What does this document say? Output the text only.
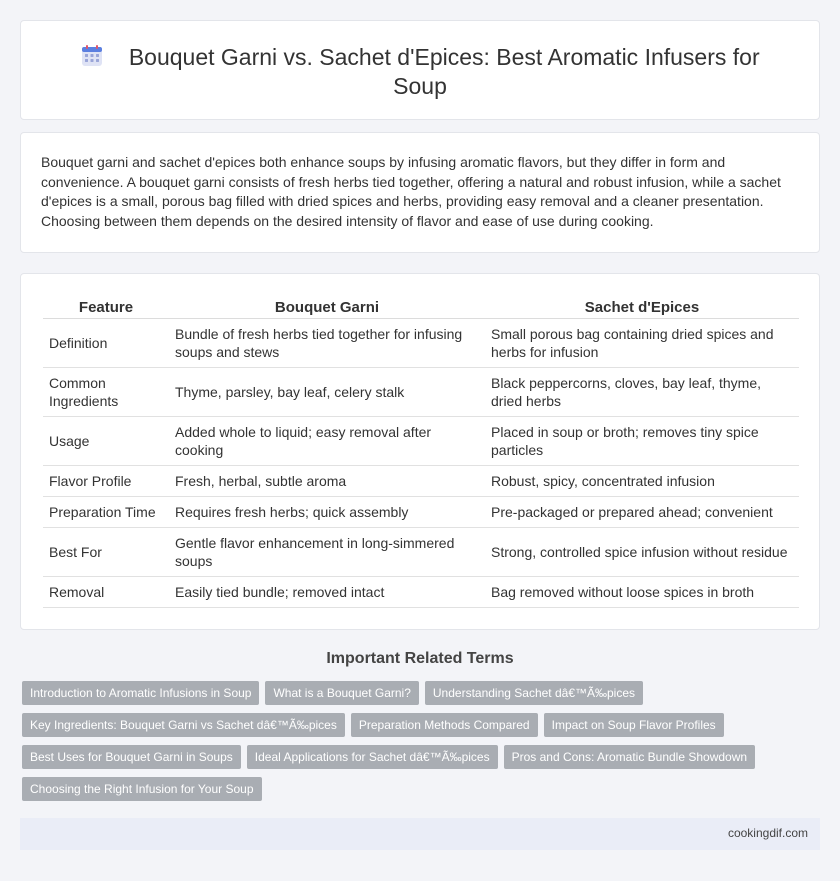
Bouquet Garni vs. Sachet d'Epices: Best Aromatic Infusers for Soup

Bouquet garni and sachet d'epices both enhance soups by infusing aromatic flavors, but they differ in form and convenience. A bouquet garni consists of fresh herbs tied together, offering a natural and robust infusion, while a sachet d'epices is a small, porous bag filled with dried spices and herbs, providing easy removal and a cleaner presentation. Choosing between them depends on the desired intensity of flavor and ease of use during cooking.

Feature	Bouquet Garni	Sachet d'Epices
Definition	Bundle of fresh herbs tied together for infusing soups and stews	Small porous bag containing dried spices and herbs for infusion
Common Ingredients	Thyme, parsley, bay leaf, celery stalk	Black peppercorns, cloves, bay leaf, thyme, dried herbs
Usage	Added whole to liquid; easy removal after cooking	Placed in soup or broth; removes tiny spice particles
Flavor Profile	Fresh, herbal, subtle aroma	Robust, spicy, concentrated infusion
Preparation Time	Requires fresh herbs; quick assembly	Pre-packaged or prepared ahead; convenient
Best For	Gentle flavor enhancement in long-simmered soups	Strong, controlled spice infusion without residue
Removal	Easily tied bundle; removed intact	Bag removed without loose spices in broth
Important Related Terms
Introduction to Aromatic Infusions in Soup	What is a Bouquet Garni?	Understanding Sachet dâ€™Ã‰pices
Key Ingredients: Bouquet Garni vs Sachet dâ€™Ã‰pices	Preparation Methods Compared	Impact on Soup Flavor Profiles
Best Uses for Bouquet Garni in Soups	Ideal Applications for Sachet dâ€™Ã‰pices	Pros and Cons: Aromatic Bundle Showdown
Choosing the Right Infusion for Your Soup
cookingdif.com
